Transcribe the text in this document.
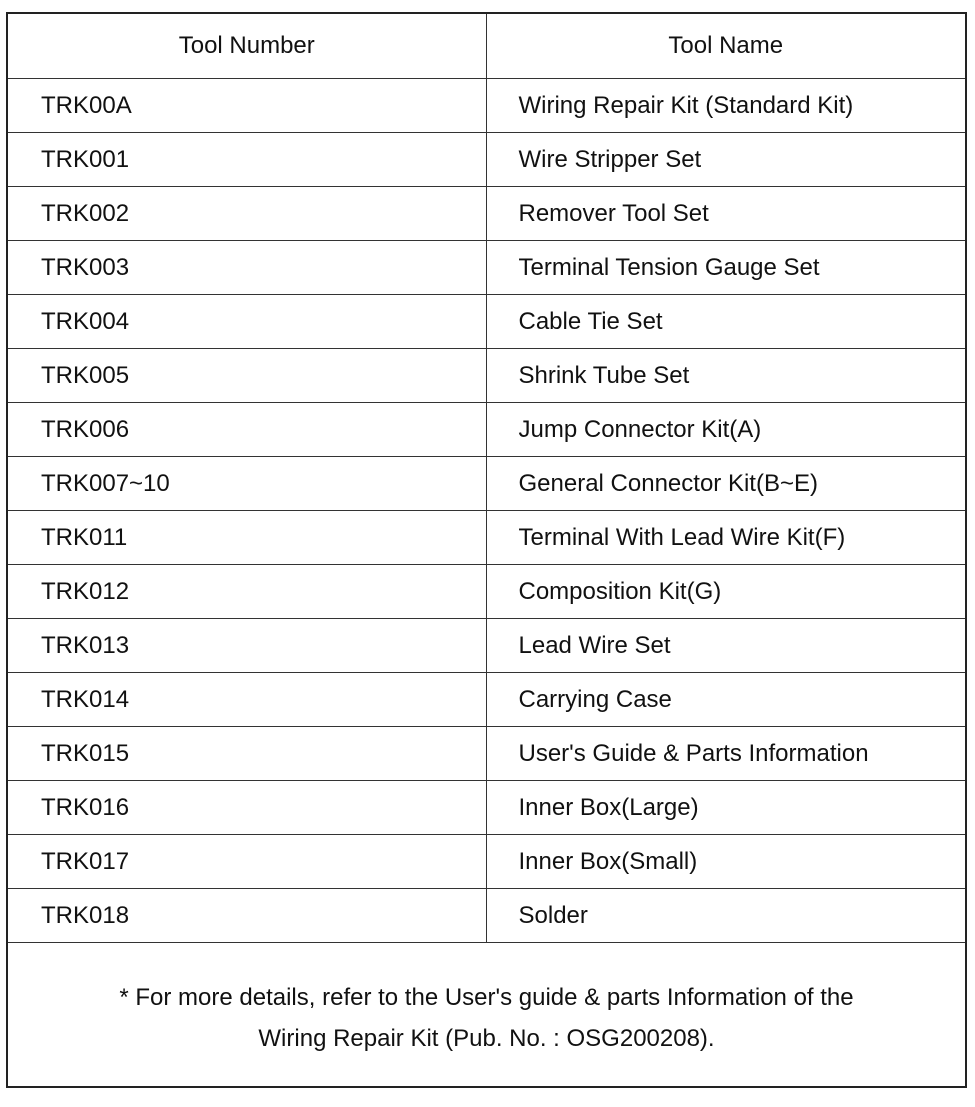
Tool Number	Tool Name
TRK00A	Wiring Repair Kit (Standard Kit)
TRK001	Wire Stripper Set
TRK002	Remover Tool Set
TRK003	Terminal Tension Gauge Set
TRK004	Cable Tie Set
TRK005	Shrink Tube Set
TRK006	Jump Connector Kit(A)
TRK007~10	General Connector Kit(B~E)
TRK011	Terminal With Lead Wire Kit(F)
TRK012	Composition Kit(G)
TRK013	Lead Wire Set
TRK014	Carrying Case
TRK015	User's Guide & Parts Information
TRK016	Inner Box(Large)
TRK017	Inner Box(Small)
TRK018	Solder
* For more details, refer to the User's guide & parts Information of the
Wiring Repair Kit (Pub. No. : OSG200208).
